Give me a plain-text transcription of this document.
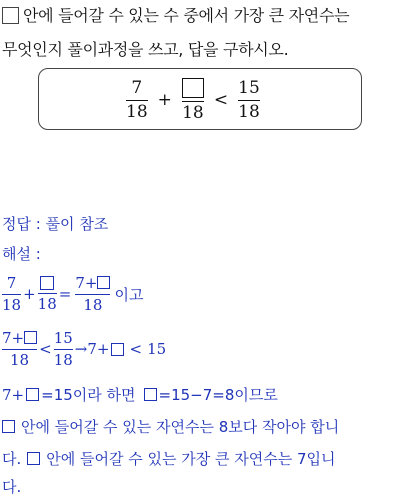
안에 들어갈 수 있는 수 중에서 가장 큰 자연수는
무엇인지 풀이과정을 쓰고, 답을 구하시오.
$\frac{7}{18}$ +
18
< $\frac{15}{18}$
정답 : 풀이 참조
해설 :
$\frac{7}{18}$ +
18
= $\frac{7+}{18}$ 이고
$\frac{7+}{18} < \frac{15}{18} \to 7+ < 15$
7+ =15이라 하면 =15−7=8이므로
안에 들어갈 수 있는 자연수는 8보다 작아야 합니
다. 안에 들어갈 수 있는 가장 큰 자연수는 7입니
다.
